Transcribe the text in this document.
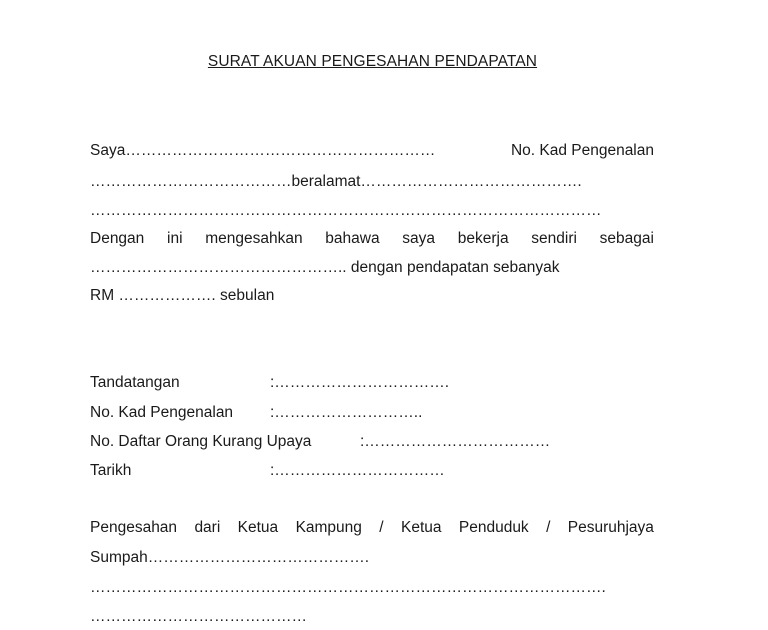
SURAT AKUAN PENGESAHAN PENDAPATAN
Saya……………………………………………………	No. Kad Pengenalan
…………………………………beralamat…………………………………….
………………………………………………………………………………………
Dengan ini mengesahkan bahawa saya bekerja sendiri sebagai
………………………………………….. dengan pendapatan sebanyak
RM ………………. sebulan
Tandatangan	:…………………………….
No. Kad Pengenalan :………………………..
No. Daftar Orang Kurang Upaya	:………………………………
Tarikh	:……………………………
Pengesahan dari Ketua Kampung / Ketua Penduduk / Pesuruhjaya
Sumpah…………………………………….
……………………………………………………………………………………….
……………………………………
